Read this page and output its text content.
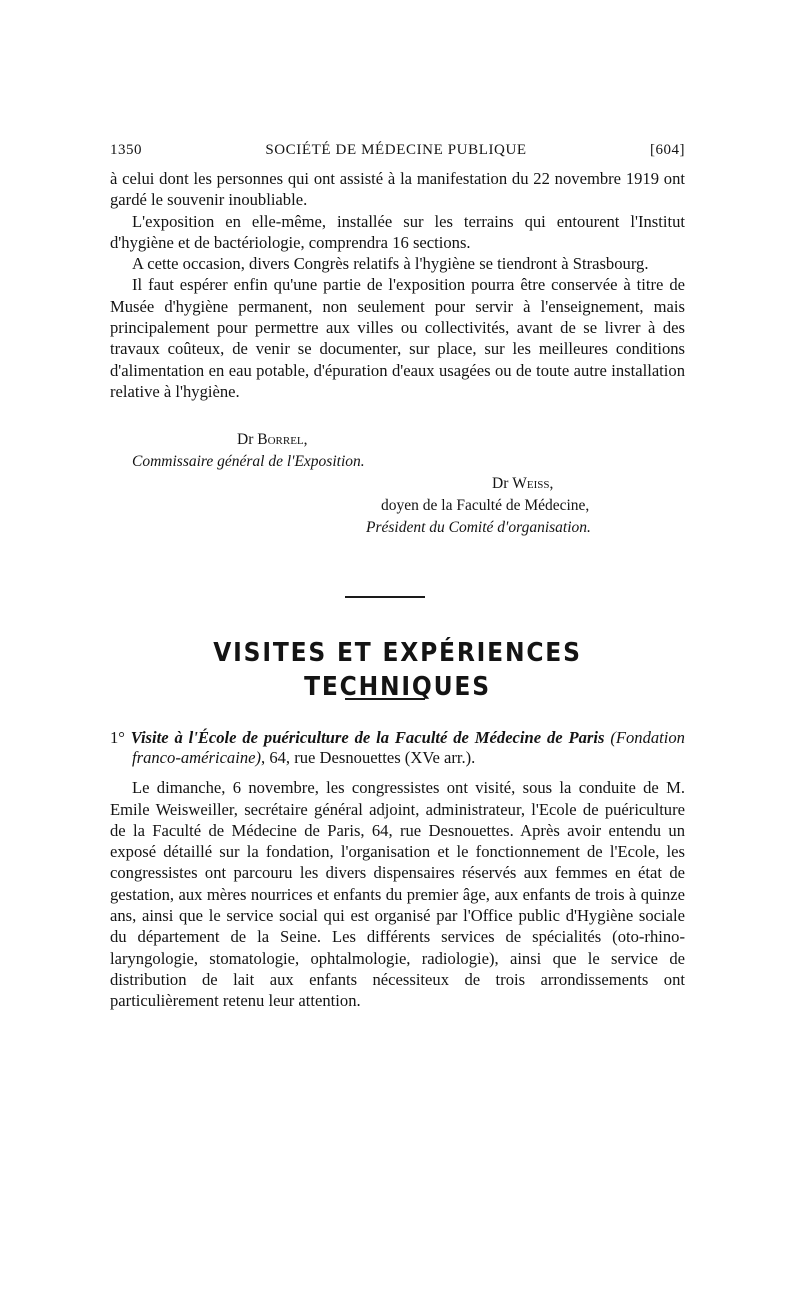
1350	SOCIÉTÉ DE MÉDECINE PUBLIQUE	[604]

à celui dont les personnes qui ont assisté à la manifestation du 22 novembre 1919 ont gardé le souvenir inoubliable.

L'exposition en elle-même, installée sur les terrains qui entourent l'Institut d'hygiène et de bactériologie, comprendra 16 sections.

A cette occasion, divers Congrès relatifs à l'hygiène se tiendront à Strasbourg.

Il faut espérer enfin qu'une partie de l'exposition pourra être conservée à titre de Musée d'hygiène permanent, non seulement pour servir à l'enseignement, mais principalement pour permettre aux villes ou collectivités, avant de se livrer à des travaux coûteux, de venir se documenter, sur place, sur les meilleures conditions d'alimentation en eau potable, d'épuration d'eaux usagées ou de toute autre installation relative à l'hygiène.

Dr Borrel,
Commissaire général de l'Exposition.
Dr Weiss,
doyen de la Faculté de Médecine,
Président du Comité d'organisation.
VISITES ET EXPÉRIENCES TECHNIQUES
1° Visite à l'École de puériculture de la Faculté de Médecine de Paris (Fondation franco-américaine), 64, rue Desnouettes (XVe arr.).

Le dimanche, 6 novembre, les congressistes ont visité, sous la conduite de M. Emile Weisweiller, secrétaire général adjoint, administrateur, l'Ecole de puériculture de la Faculté de Médecine de Paris, 64, rue Desnouettes. Après avoir entendu un exposé détaillé sur la fondation, l'organisation et le fonctionnement de l'Ecole, les congressistes ont parcouru les divers dispensaires réservés aux femmes en état de gestation, aux mères nourrices et enfants du premier âge, aux enfants de trois à quinze ans, ainsi que le service social qui est organisé par l'Office public d'Hygiène sociale du département de la Seine. Les différents services de spécialités (oto-rhino-laryngologie, stomatologie, ophtalmologie, radiologie), ainsi que le service de distribution de lait aux enfants nécessiteux de trois arrondissements ont particulièrement retenu leur attention.
